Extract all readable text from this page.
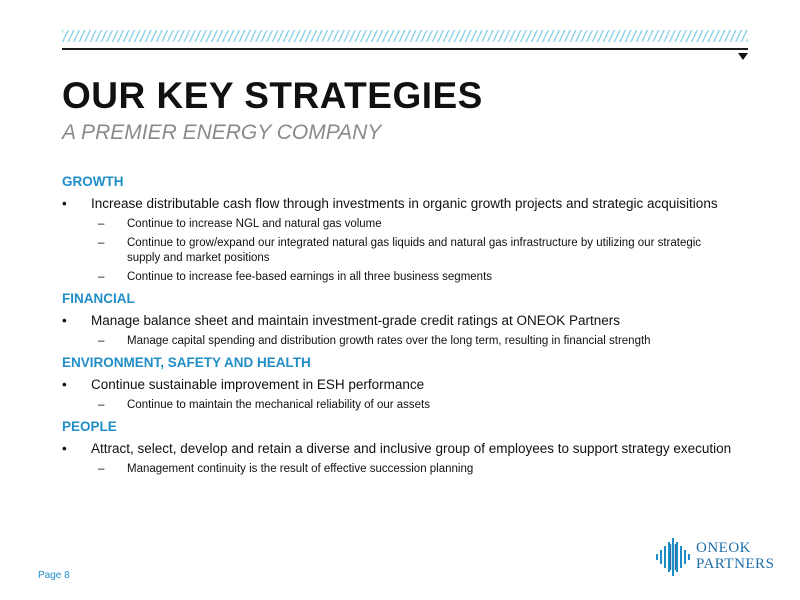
OUR KEY STRATEGIES
A PREMIER ENERGY COMPANY
GROWTH
•	Increase distributable cash flow through investments in organic growth projects and strategic acquisitions
– Continue to increase NGL and natural gas volume
– Continue to grow/expand our integrated natural gas liquids and natural gas infrastructure by utilizing our strategic supply and market positions
– Continue to increase fee-based earnings in all three business segments
FINANCIAL
•	Manage balance sheet and maintain investment-grade credit ratings at ONEOK Partners
– Manage capital spending and distribution growth rates over the long term, resulting in financial strength
ENVIRONMENT, SAFETY AND HEALTH
•	Continue sustainable improvement in ESH performance
– Continue to maintain the mechanical reliability of our assets
PEOPLE
•	Attract, select, develop and retain a diverse and inclusive group of employees to support strategy execution
– Management continuity is the result of effective succession planning
Page 8
ONEOK
PARTNERS
